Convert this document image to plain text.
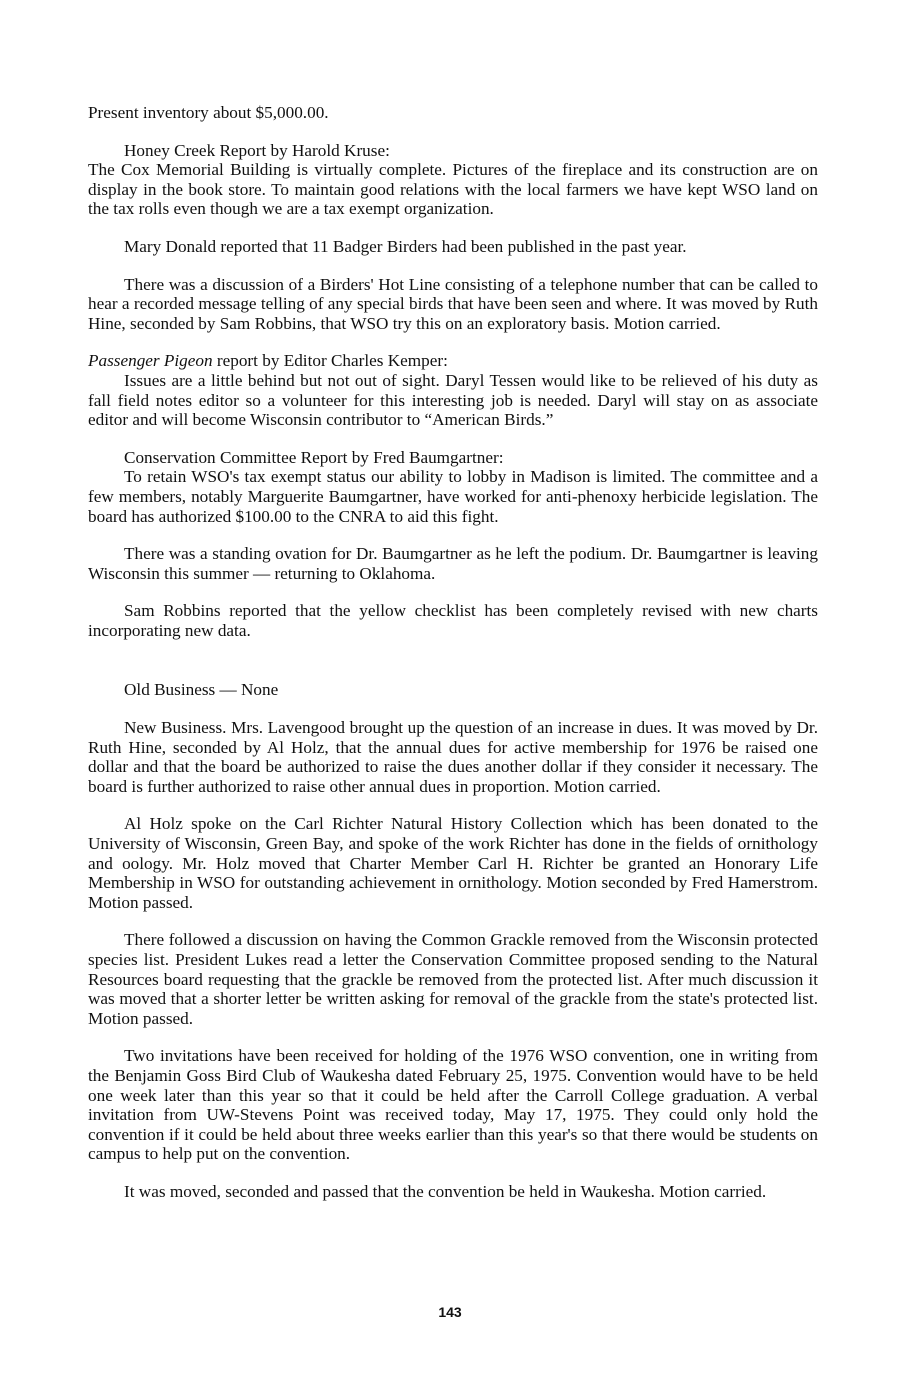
Present inventory about $5,000.00.

Honey Creek Report by Harold Kruse:
The Cox Memorial Building is virtually complete. Pictures of the fireplace and its construction are on display in the book store. To maintain good relations with the local farmers we have kept WSO land on the tax rolls even though we are a tax exempt organization.

Mary Donald reported that 11 Badger Birders had been published in the past year.

There was a discussion of a Birders' Hot Line consisting of a telephone number that can be called to hear a recorded message telling of any special birds that have been seen and where. It was moved by Ruth Hine, seconded by Sam Robbins, that WSO try this on an exploratory basis. Motion carried.

Passenger Pigeon report by Editor Charles Kemper:
Issues are a little behind but not out of sight. Daryl Tessen would like to be relieved of his duty as fall field notes editor so a volunteer for this interesting job is needed. Daryl will stay on as associate editor and will become Wisconsin contributor to “American Birds.”
Conservation Committee Report by Fred Baumgartner:
To retain WSO's tax exempt status our ability to lobby in Madison is limited. The committee and a few members, notably Marguerite Baumgartner, have worked for anti-phenoxy herbicide legislation. The board has authorized $100.00 to the CNRA to aid this fight.

There was a standing ovation for Dr. Baumgartner as he left the podium. Dr. Baumgartner is leaving Wisconsin this summer — returning to Oklahoma.

Sam Robbins reported that the yellow checklist has been completely revised with new charts incorporating new data.

Old Business — None

New Business. Mrs. Lavengood brought up the question of an increase in dues. It was moved by Dr. Ruth Hine, seconded by Al Holz, that the annual dues for active membership for 1976 be raised one dollar and that the board be authorized to raise the dues another dollar if they consider it necessary. The board is further authorized to raise other annual dues in proportion. Motion carried.

Al Holz spoke on the Carl Richter Natural History Collection which has been donated to the University of Wisconsin, Green Bay, and spoke of the work Richter has done in the fields of ornithology and oology. Mr. Holz moved that Charter Member Carl H. Richter be granted an Honorary Life Membership in WSO for outstanding achievement in ornithology. Motion seconded by Fred Hamerstrom. Motion passed.

There followed a discussion on having the Common Grackle removed from the Wisconsin protected species list. President Lukes read a letter the Conservation Committee proposed sending to the Natural Resources board requesting that the grackle be removed from the protected list. After much discussion it was moved that a shorter letter be written asking for removal of the grackle from the state's protected list. Motion passed.

Two invitations have been received for holding of the 1976 WSO convention, one in writing from the Benjamin Goss Bird Club of Waukesha dated February 25, 1975. Convention would have to be held one week later than this year so that it could be held after the Carroll College graduation. A verbal invitation from UW-Stevens Point was received today, May 17, 1975. They could only hold the convention if it could be held about three weeks earlier than this year's so that there would be students on campus to help put on the convention.

It was moved, seconded and passed that the convention be held in Waukesha. Motion carried.

143
